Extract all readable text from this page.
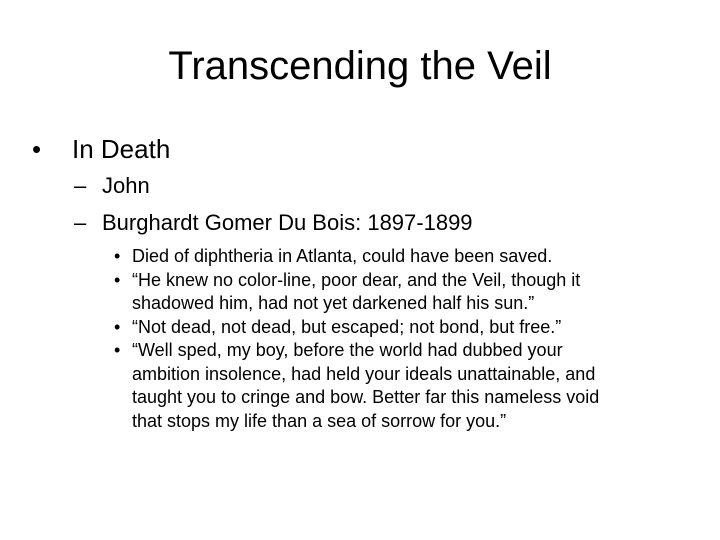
Transcending the Veil
• In Death
– John
– Burghardt Gomer Du Bois: 1897-1899
• Died of diphtheria in Atlanta, could have been saved.
• “He knew no color-line, poor dear, and the Veil, though it
shadowed him, had not yet darkened half his sun.”
• “Not dead, not dead, but escaped; not bond, but free.”
• “Well sped, my boy, before the world had dubbed your
ambition insolence, had held your ideals unattainable, and
taught you to cringe and bow. Better far this nameless void
that stops my life than a sea of sorrow for you.”
